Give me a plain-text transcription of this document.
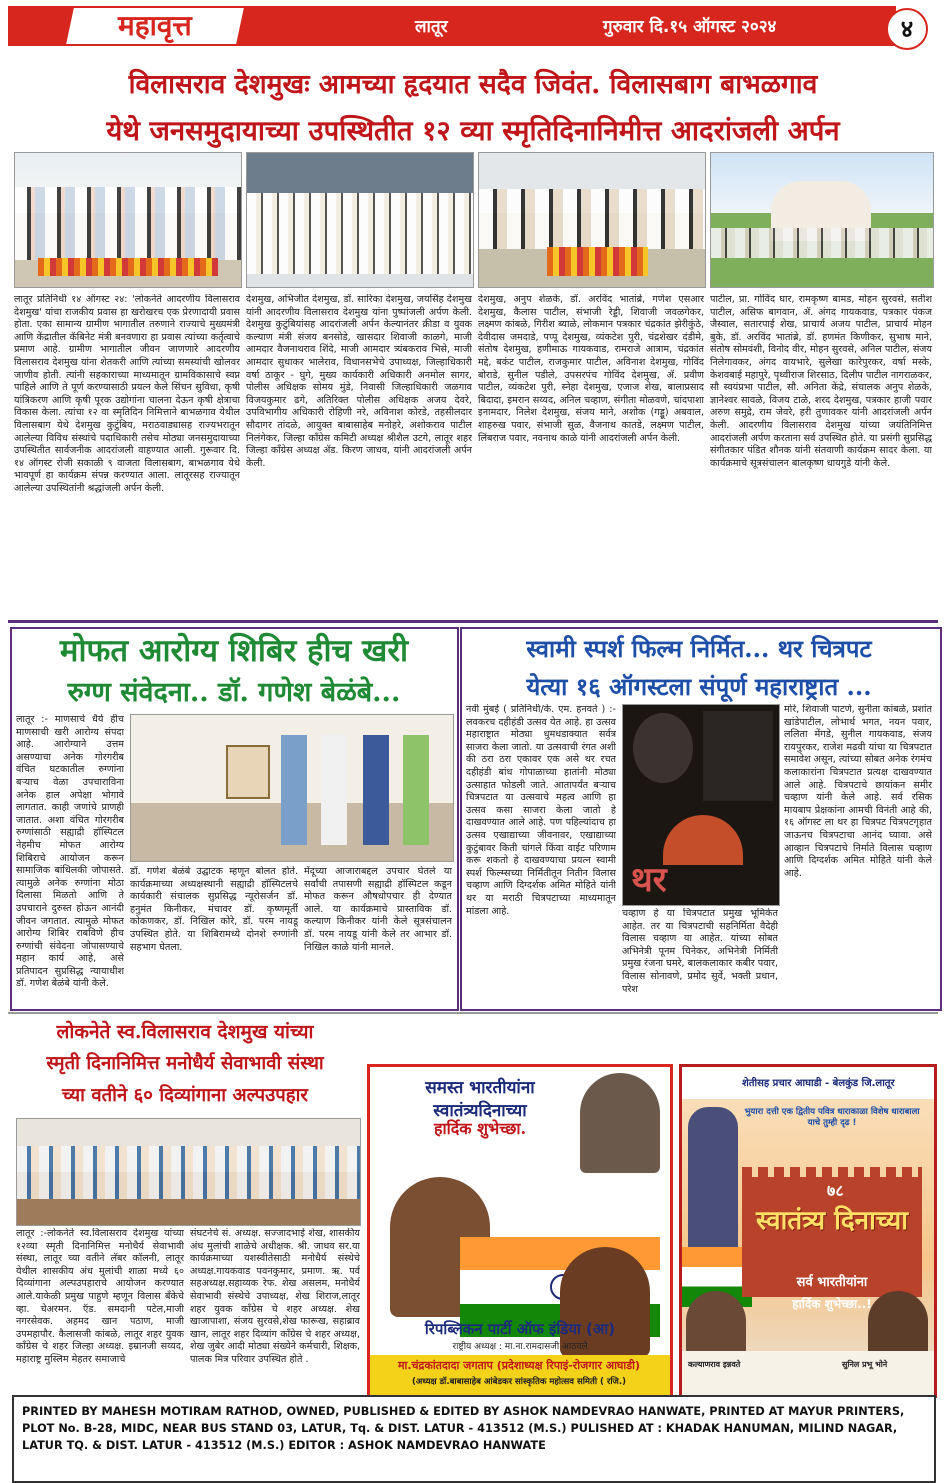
महावृत्त	लातूर	गुरुवार दि.१५ ऑगस्ट २०२४	४
विलासराव देशमुखः आमच्या हृदयात सदैव जिवंत. विलासबाग बाभळगाव
येथे जनसमुदायाच्या उपस्थितीत १२ व्या स्मृतिदिनानिमीत्त आदरांजली अर्पन
लातूर प्रतिनिधी १४ ऑगस्ट २४: 'लोकनेते आदरणीय विलासराव देशमुख' यांचा राजकीय प्रवास हा खरोखरच एक प्रेरणादायी प्रवास होता. एका सामान्य ग्रामीण भागातील तरुणाने राज्याचे मुख्यमंत्री आणि केंद्रातील कॅबिनेट मंत्री बनवणारा हा प्रवास त्यांच्या कर्तृत्वाचे प्रमाण आहे. ग्रामीण भागातील जीवन जाणणारे आदरणीय विलासराव देशमुख यांना शेतकरी आणि त्यांच्या समस्यांची खोलवर जाणीव होती. त्यांनी सहकाराच्या माध्यमातून ग्रामविकासाचे स्वप्न पाहिले आणि ते पूर्ण करण्यासाठी प्रयत्न केले सिंचन सुविधा, कृषी यांत्रिकरण आणि कृषी पूरक उद्योगांना चालना देऊन कृषी क्षेत्राचा विकास केला. त्यांचा १२ वा स्मृतिदिन निमित्ताने बाभळगाव येथील विलासबाग येथे देशमुख कुटुंबिय, मराठवाड्यासह राज्यभरातून आलेल्या विविध संस्थांचे पदाधिकारी तसेच मोठ्या जनसमुदायाच्या उपस्थितीत सार्वजनीक आदरांजली वाहण्यात आली. गुरूवार दि. १४ ऑगस्ट रोजी सकाळी ९ वाजता विलासबाग, बाभळगाव येथे भावपूर्ण हा कार्यक्रम संपन्न करण्यात आला. लातूरसह राज्यातून आलेल्या उपस्थितांनी श्रद्धांजली अर्पन केली.
देशमुख, अभिजीत देशमुख, डॉ. सारिका देशमुख, जयसिंह देशमुख यांनी आदरणीय विलासराव देशमुख यांना पुष्पांजली अर्पण केली. देशमुख कुटुंबियांसह आदरांजली अर्पन केल्यानंतर क्रीडा व युवक कल्याण मंत्री संजय बनसोडे, खासदार शिवाजी काळगे, माजी आमदार वैजनाथराव शिंदे, माजी आमदार त्र्यंबकराव भिसे, माजी आमदार सुधाकर भालेराव, विधानसभेचे उपाध्यक्ष, जिल्हाधिकारी वर्षा ठाकूर - घुगे, मुख्य कार्यकारी अधिकारी अनमोल सागर, पोलीस अधिक्षक सोमय मुंडे, निवासी जिल्हाधिकारी जळगाव विजयकुमार ढगे, अतिरिक्त पोलीस अधिक्षक अजय देवरे, उपविभागीय अधिकारी रोहिणी नरे, अविनाश कोरडे, तहसीलदार सौदागर तांदळे, आयुक्त बाबासाहेब मनोहरे, अशोकराव पाटील निलंगेकर, जिल्हा काँग्रेस कमिटी अध्यक्ष श्रीशैल उटगे, लातूर शहर जिल्हा काँग्रेस अध्यक्ष ॲड. किरण जाधव, यांनी आदरांजली अर्पन केली.
देशमुख, अनुप शेळके, डॉ. अरविंद भातांब्रे, गणेश एसआर देशमुख, कैलास पाटील, संभाजी रेड्डी, शिवाजी जवळगेकर, लक्ष्मण कांबळे, गिरीश ब्याळे, लोकमान पत्रकार चंद्रकांत झेरीकुंठे, देवीदास जमदाडे, पप्पू देशमुख, व्यंकटेश पुरी, चंद्रशेखर दंडीमे, संतोष देशमुख, हणीमाऊ गायकवाड, रामराजे आत्राम, चंद्रकांत मद्दे, बकंट पाटील, राजकुमार पाटील, अविनाश देशमुख, गोविंद बोराडे, सुनील पडीले, उपसरपंच गोविंद देशमुख, ॲ. प्रवीण पाटील, व्यंकटेश पुरी, स्नेहा देशमुख, एजाज शेख, बालाप्रसाद बिदादा, इमरान सय्यद, अनिल चव्हाण, संगीता मोळवणे, चांदपाशा इनामदार, निलेश देशमुख, संजय माने, अशोक (गड्डू) अबवाल, शाहरुख पवार, संभाजी सुळ, वैजनाथ कातडे, लक्ष्मण पाटील, लिंबराज पवार, नवनाथ काळे यांनी आदरांजली अर्पन केली.
पाटील, प्रा. गोविंद घार, रामकृष्ण बामड, मोहन सुरवसे, सतीश पाटील, असिफ बागवान, ॲ. अंगद गायकवाड, पत्रकार पंकज जैस्वाल, सतारपाई शेख, प्राचार्य अजय पाटील, प्राचार्य मोहन बुके, डॉ. अरविंद भातांब्रे, डॉ. हणमंत किणीकर, सुभाष माने, संतोष सोमवंशी, विनोद वीर, मोहन सुरवसे, अनिल पाटील, संजय निलेगावकर, अंगद वायभारे, सुलेखा कारेपुरकर, वर्षा मस्के, केशवबाई महापुरे, पृथ्वीराज शिरसाठ, दिलीप पाटील नागराळकर, सौ स्वयंप्रभा पाटील, सौ. अनिता केंद्रे, संचालक अनुप शेळके, ज्ञानेश्वर सावळे, विजय टाळे, शरद देशमुख, पत्रकार हाजी पवार अरुण समुद्रे, राम जेवरे, हरी तुणावकर यांनी आदरांजली अर्पन केली. आदरणीय विलासराव देशमुख यांच्या जयंतिनिमित्त आदरांजली अर्पण करताना सर्व उपस्थित होते. या प्रसंगी सुप्रसिद्ध संगीतकार पंडित शौनक यांनी संतवाणी कार्यक्रम सादर केला. या कार्यक्रमाचे सूत्रसंचालन बालकृष्ण धायगुडे यांनी केले.
मोफत आरोग्य शिबिर हीच खरी
रुग्ण संवेदना.. डॉ. गणेश बेळंबे...
लातूर :- माणसाचे धैर्य हीच माणसाची खरी आरोग्य संपदा आहे. आरोग्याने उत्तम असण्याचा अनेक गोरगरीब वंचित घटकातील रुग्णांना बऱ्याच वेळा उपचाराविना अनेक हाल अपेक्षा भोगावे लागतात. काही जणांचे प्राणही जातात. अशा वंचित गोरगरीब रुग्णांसाठी सह्याद्री हॉस्पिटल नेहमीच मोफत आरोग्य शिबिराचे आयोजन करून सामाजिक बांधिलकी जोपासते. त्यामुळे अनेक रुग्णांना मोठा दिलासा मिळतो आणि ते उपचाराने दुरुस्त होऊन आनंदी जीवन जगतात. त्यामुळे मोफत आरोग्य शिबिर राबविणे हीच रुग्णांची संवेदना जोपासण्याचे महान कार्य आहे, असे प्रतिपादन सुप्रसिद्ध न्यायाधीश डॉ. गणेश बेळंबे यांनी केले.
डॉ. गणेश बेळंबे उद्घाटक म्हणून बोलत होते. कार्यक्रमाच्या अध्यक्षस्थानी सह्याद्री हॉस्पिटलचे कार्यकारी संचालक सुप्रसिद्ध न्यूरोसर्जन डॉ. हनुमंत किनीकर, मंचावर डॉ. कृष्णमूर्ती कोकणकर, डॉ. निखिल कोरे, डॉ. परम नायडू उपस्थित होते. या शिबिरामध्ये दोनशे रुग्णांनी सहभाग घेतला.
मेंदूच्या आजाराबद्दल उपचार घेतले या सर्वांची तपासणी सह्याद्री हॉस्पिटल कडून मोफत करून औषधोपचार ही देण्यात आले. या कार्यक्रमाचे प्रास्ताविक डॉ. कल्याण किनीकर यांनी केले सूत्रसंचालन डॉ. परम नायडू यांनी केले तर आभार डॉ. निखिल काळे यांनी मानले.
स्वामी स्पर्श फिल्म निर्मित... थर चित्रपट
येत्या १६ ऑगस्टला संपूर्ण महाराष्ट्रात ...
नवी मुंबई ( प्रतिनिधी/के. एम. हनवते ) :- लवकरच दहीहंडी उत्सव येत आहे. हा उत्सव महाराष्ट्रात मोठ्या धुमधडाक्यात सर्वत्र साजरा केला जातो. या उत्सवाची रंगत अशी की ठरा ठरा एकावर एक असे थर रचत दहीहंडी बांध गोपाळाच्या हातांनी मोठ्या उत्साहात फोडली जाते. आतापर्यंत बऱ्याच चित्रपटात या उत्सवाचे महत्व आणि हा उत्सव कसा साजरा केला जातो हे दाखवण्यात आले आहे. पण पहिल्यांदाच हा उत्सव एखाद्याच्या जीवनावर, एखाद्याच्या कुटुंबावर किती चांगले किंवा वाईट परिणाम करू शकतो हे दाखवण्याचा प्रयत्न स्वामी स्पर्श फिल्म्सच्या निर्मितीतून नितीन विलास चव्हाण आणि दिग्दर्शक अमित मोहिते यांनी थर या मराठी चित्रपटाच्या माध्यमातून मांडला आहे.
थर
चव्हाण हे या चित्रपटात प्रमुख भूमिकेत आहेत. तर या चित्रपटाची सहनिर्मिता वैदेही विलास चव्हाण या आहेत. यांच्या सोबत अभिनेत्री पूनम चिनेकर, अभिनेत्री निर्मिती प्रमुख रंजना घमरे, बालकलाकार कबीर पवार, विलास सोनावणे, प्रमोद सुर्वे, भक्ती प्रधान, परेश
मोरे, शिवाजी पाटणे, सुनीता कांबळे, प्रशांत खांडेपाटील, लोभार्थ भगत, नयन पवार, ललिता मेंगडे, सुनील गायकवाड, संजय रायपुरकर, राजेश मढवी यांचा या चित्रपटात समावेश असून, त्यांच्या सोबत अनेक रंगमंच कलाकारांना चित्रपटात प्रत्यक्ष दाखवण्यात आले आहे. चित्रपटाचे छायांकन समीर चव्हाण यांनी केले आहे. सर्व रसिक मायबाप प्रेक्षकांना आमची विनंती आहे की, १६ ऑगस्ट ला थर हा चित्रपट चित्रपटगृहात जाऊनच चित्रपटाचा आनंद घ्यावा. असे आव्हान चित्रपटाचे निर्माते विलास चव्हाण आणि दिग्दर्शक अमित मोहिते यांनी केले आहे.
लोकनेते स्व.विलासराव देशमुख यांच्या
स्मृती दिनानिमित्त मनोधैर्य सेवाभावी संस्था
च्या वतीने ६० दिव्यांगाना अल्पउपहार
लातूर :-लोकनेते स्व.विलासराव देशमुख यांच्या १२व्या स्मृती दिनानिमित्त मनोधैर्य सेवाभावी संस्था, लातूर च्या वतीने लॅबर कॉलनी, लातूर येथील शासकीय अंध मुलांची शाळा मध्ये ६० दिव्यांगाना अल्पउपहाराचे आयोजन करण्यात आले.याकेळी प्रमुख पाहुणे म्हणून विलास बँकेचे व्हा. चेअरमन. ऍड. समदानी पटेल,माजी नगरसेवक. अहमद खान पठाण, माजी उपमहापौर. कैलासजी कांबळे, लातूर शहर युवक काँग्रेस चे शहर जिल्हा अध्यक्ष. इम्रानजी सय्यद, महाराष्ट्र मुस्लिम मेहतर समाजाचे
संघटनेचे सं. अध्यक्ष. सज्जादभाई शेख, शासकीय अंध मुलांची शाळेचे अधीक्षक. श्री. जाधव सर.या कार्यक्रमाच्या यशस्वीतेसाठी मनोधैर्य संस्थेचे अध्यक्ष.गायकवाड पवनकुमार, प्रमाण. ऋ. पर्व सहअध्यक्ष.सहाय्यक रेफ. शेख असलम, मनोधैर्य सेवाभावी संस्थेचे उपाध्यक्ष, शेख शिराज,लातूर शहर युवक काँग्रेस चे शहर अध्यक्ष. शेख खाजापाशा, संजय सुरवसे,शेख फारूख, सहाब्राव खान, लातूर शहर दिव्यांग काँग्रेस चे शहर अध्यक्ष, शेख जुबेर आदी मोठ्या संख्येने कर्मचारी, शिक्षक, पालक मित्र परिवार उपस्थित होते .
समस्त भारतीयांना स्वातंत्र्यदिनाच्या
हार्दिक शुभेच्छा.
रिपब्लिकन पार्टी ऑफ इंडिया (आ)
राष्ट्रीय अध्यक्ष : मा.ना.रामदासजी आठवले
मा.चंद्रकांतदादा जगताप (प्रदेशाध्यक्ष रिपाइं-रोजगार आघाडी)
(अध्यक्ष डॉ.बाबासाहेब आंबेडकर सांस्कृतिक महोत्सव समिती ( रजि.)
शेतीसह प्रचार आघाडी - बेलकुंड जि.लातूर
भुयारा दत्ती एक द्वितीय पवित्र धाराकाळा विशेष धाराबाला याचे तुम्ही दृढ !
७८
स्वातंत्र्य दिनाच्या
सर्व भारतीयांना
हार्दिक शुभेच्छा..!
कल्याणराव इन्नवते	सुनिल प्रभू भोने
PRINTED BY MAHESH MOTIRAM RATHOD, OWNED, PUBLISHED & EDITED BY ASHOK NAMDEVRAO HANWATE, PRINTED AT MAYUR PRINTERS, PLOT No. B-28, MIDC, NEAR BUS STAND 03, LATUR, Tq. & DIST. LATUR - 413512 (M.S.) PULISHED AT : KHADAK HANUMAN, MILIND NAGAR, LATUR TQ. & DIST. LATUR - 413512 (M.S.) EDITOR : ASHOK NAMDEVRAO HANWATE
